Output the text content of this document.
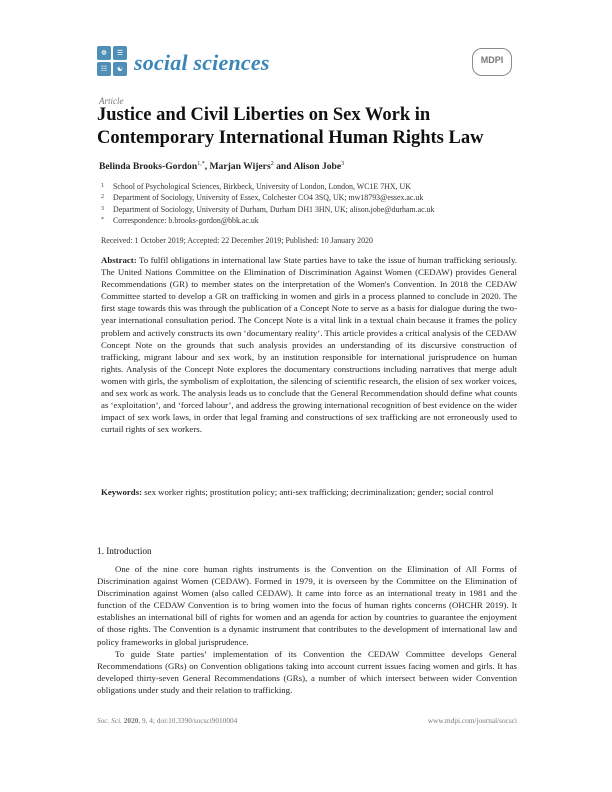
☸ ☰
☷ ☯ social sciences	MDPI
Article
Justice and Civil Liberties on Sex Work in Contemporary International Human Rights Law
Belinda Brooks-Gordon$^{1,*}$, Marjan Wijers$^2$ and Alison Jobe$^3$
1 School of Psychological Sciences, Birkbeck, University of London, London, WC1E 7HX, UK
2 Department of Sociology, University of Essex, Colchester CO4 3SQ, UK; mw18793@essex.ac.uk
3 Department of Sociology, University of Durham, Durham DH1 3HN, UK; alison.jobe@durham.ac.uk
* Correspondence: b.brooks-gordon@bbk.ac.uk
Received: 1 October 2019; Accepted: 22 December 2019; Published: 10 January 2020

Abstract: To fulfil obligations in international law State parties have to take the issue of human trafficking seriously. The United Nations Committee on the Elimination of Discrimination Against Women (CEDAW) provides General Recommendations (GR) to member states on the interpretation of the Women's Convention. In 2018 the CEDAW Committee started to develop a GR on trafficking in women and girls in a process planned to conclude in 2020. The first stage towards this was through the publication of a Concept Note to serve as a basis for dialogue during the two-year international consultation period. The Concept Note is a vital link in a textual chain because it frames the policy problem and actively constructs its own ‘documentary reality’. This article provides a critical analysis of the CEDAW Concept Note on the grounds that such analysis provides an understanding of its discursive construction of trafficking, migrant labour and sex work, by an institution responsible for international jurisprudence on human rights. Analysis of the Concept Note explores the documentary constructions including narratives that merge adult women with girls, the symbolism of exploitation, the silencing of scientific research, the elision of sex worker voices, and sex work as work. The analysis leads us to conclude that the General Recommendation should define what counts as ‘exploitation’, and ‘forced labour’, and address the growing international recognition of best evidence on the wider impact of sex work laws, in order that legal framing and constructions of sex trafficking are not erroneously used to curtail rights of sex workers.

Keywords: sex worker rights; prostitution policy; anti-sex trafficking; decriminalization; gender; social control

1. Introduction

One of the nine core human rights instruments is the Convention on the Elimination of All Forms of Discrimination against Women (CEDAW). Formed in 1979, it is overseen by the Committee on the Elimination of Discrimination against Women (also called CEDAW). It came into force as an international treaty in 1981 and the function of the CEDAW Convention is to bring women into the focus of human rights concerns (OHCHR 2019). It establishes an international bill of rights for women and an agenda for action by countries to guarantee the enjoyment of those rights. The Convention is a dynamic instrument that contributes to the development of international law and policy frameworks in global jurisprudence.

To guide State parties’ implementation of its Convention the CEDAW Committee develops General Recommendations (GRs) on Convention obligations taking into account current issues facing women and girls. It has developed thirty-seven General Recommendations (GRs), a number of which intersect between wider Convention obligations under study and their relation to trafficking.

Soc. Sci. 2020, 9, 4; doi:10.3390/socsci9010004	www.mdpi.com/journal/socsci
